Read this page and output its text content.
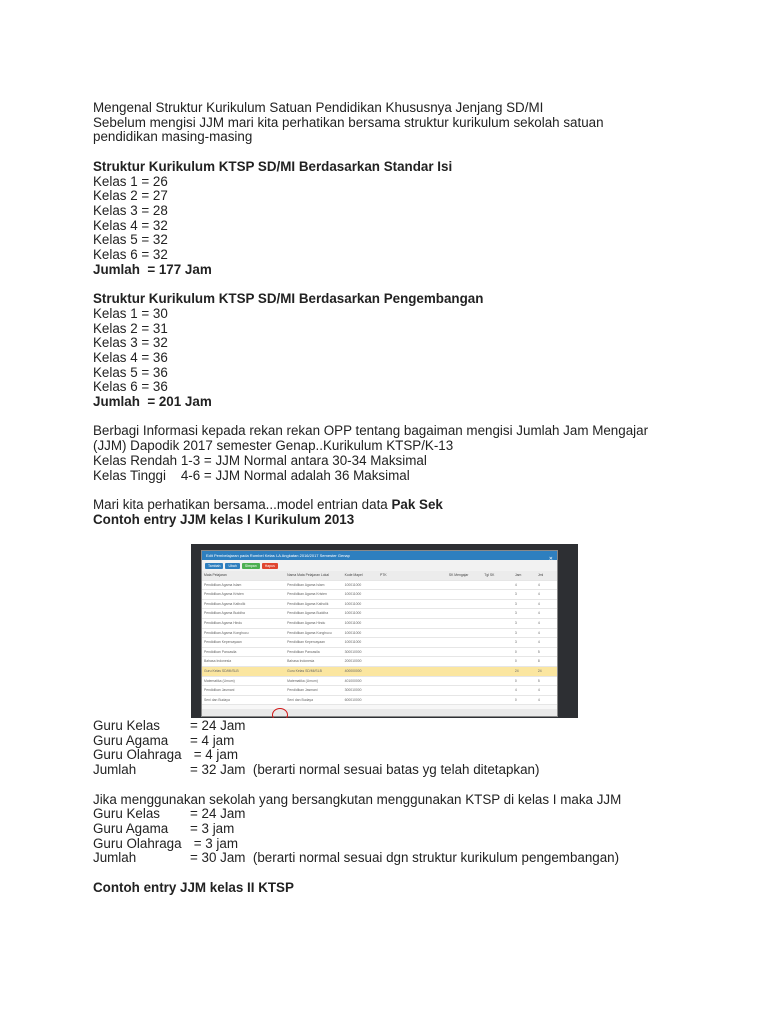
Mengenal Struktur Kurikulum Satuan Pendidikan Khususnya Jenjang SD/MI
Sebelum mengisi JJM mari kita perhatikan bersama struktur kurikulum sekolah satuan
pendidikan masing-masing
Struktur Kurikulum KTSP SD/MI Berdasarkan Standar Isi
Kelas 1 = 26
Kelas 2 = 27
Kelas 3 = 28
Kelas 4 = 32
Kelas 5 = 32
Kelas 6 = 32
Jumlah  = 177 Jam
Struktur Kurikulum KTSP SD/MI Berdasarkan Pengembangan
Kelas 1 = 30
Kelas 2 = 31
Kelas 3 = 32
Kelas 4 = 36
Kelas 5 = 36
Kelas 6 = 36
Jumlah  = 201 Jam
Berbagi Informasi kepada rekan rekan OPP tentang bagaiman mengisi Jumlah Jam Mengajar
(JJM) Dapodik 2017 semester Genap..Kurikulum KTSP/K-13
Kelas Rendah 1-3 = JJM Normal antara 30-34 Maksimal
Kelas Tinggi    4-6 = JJM Normal adalah 36 Maksimal
Mari kita perhatikan bersama...model entrian data Pak Sek
Contoh entry JJM kelas I Kurikulum 2013
Edit Pembelajaran pada Rombel Kelas I-A Angkatan 2016/2017 Semester Genap
✕
Tambah	Ubah	Simpan	Hapus
Mata Pelajaran	Nama Mata Pelajaran Lokal	Kode Mapel	PTK	SK Mengajar	Tgl SK	Jam	Jml
Pendidikan Agama Islam	Pendidikan Agama Islam	100011000	4	4
Pendidikan Agama Kristen	Pendidikan Agama Kristen	100011000	3	4
Pendidikan Agama Katholik	Pendidikan Agama Katholik	100011000	3	4
Pendidikan Agama Buddha	Pendidikan Agama Buddha	100011000	3	4
Pendidikan Agama Hindu	Pendidikan Agama Hindu	100011000	3	4
Pendidikan Agama Konghucu	Pendidikan Agama Konghucu	100011000	3	4
Pendidikan Kepercayaan	Pendidikan Kepercayaan	100011000	3	4
Pendidikan Pancasila	Pendidikan Pancasila	300010000	0	5
Bahasa Indonesia	Bahasa Indonesia	200010000	0	8
Guru Kelas SD/MI/SLB	Guru Kelas SD/MI/SLB	400000000	24	24
Matematika (Umum)	Matematika (Umum)	401000000	0	5
Pendidikan Jasmani	Pendidikan Jasmani	300010000	4	4
Seni dan Budaya	Seni dan Budaya	600010000	0	4
Guru Kelas	= 24 Jam
Guru Agama	= 4 jam
Guru Olahraga = 4 jam
Jumlah	= 32 Jam  (berarti normal sesuai batas yg telah ditetapkan)
Jika menggunakan sekolah yang bersangkutan menggunakan KTSP di kelas I maka JJM
Guru Kelas	= 24 Jam
Guru Agama	= 3 jam
Guru Olahraga = 3 jam
Jumlah	= 30 Jam  (berarti normal sesuai dgn struktur kurikulum pengembangan)
Contoh entry JJM kelas II KTSP
